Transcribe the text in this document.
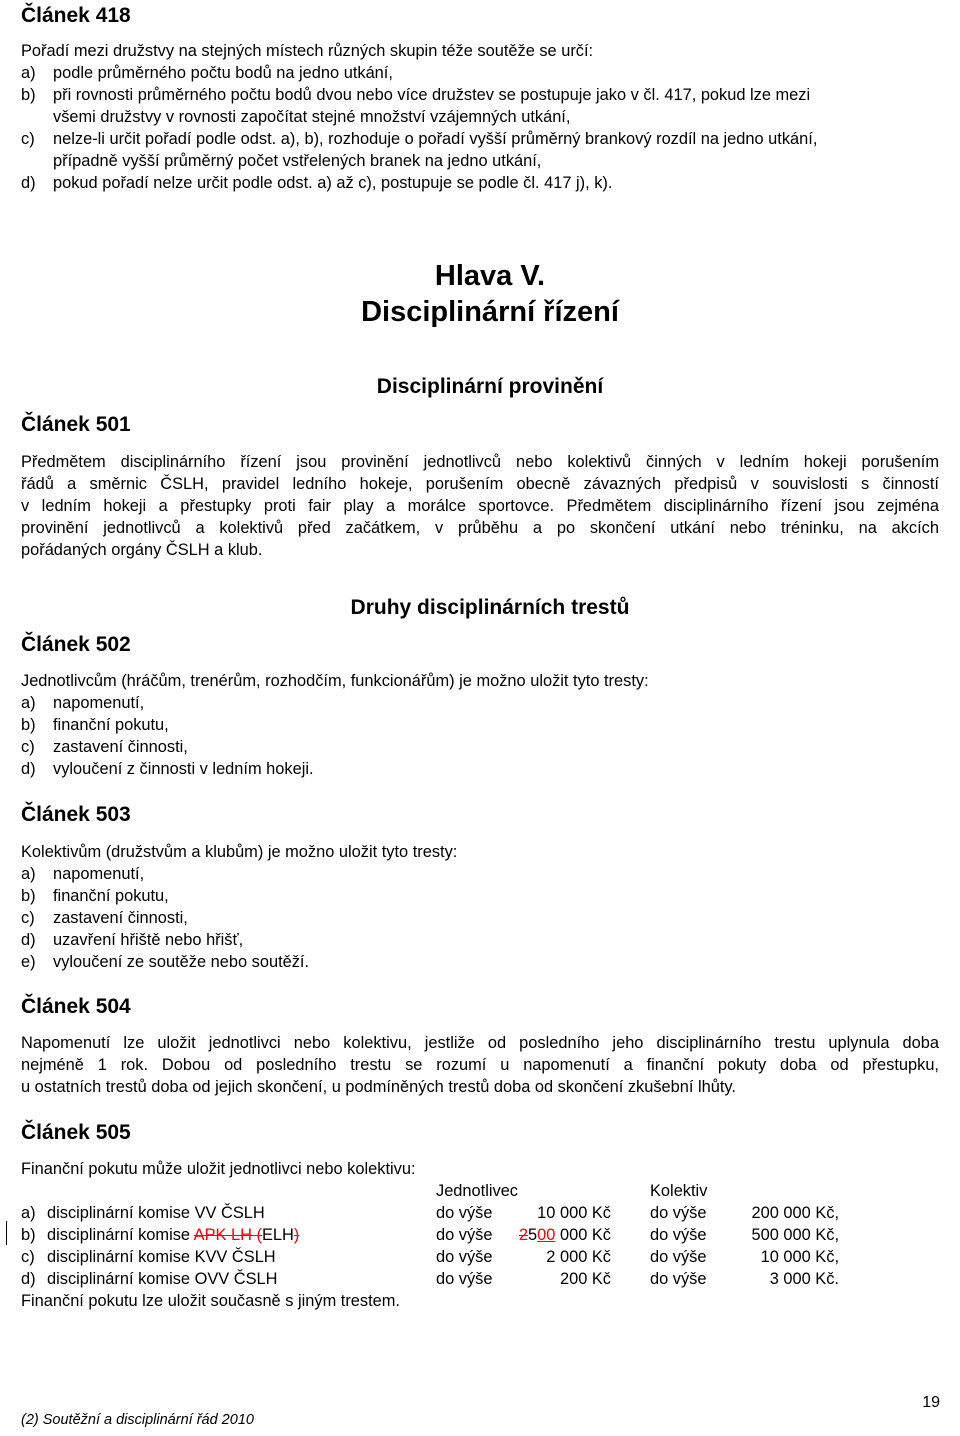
Článek 418
Pořadí mezi družstvy na stejných místech různých skupin téže soutěže se určí:
a) podle průměrného počtu bodů na jedno utkání,
b) při rovnosti průměrného počtu bodů dvou nebo více družstev se postupuje jako v čl. 417, pokud lze mezi
všemi družstvy v rovnosti započítat stejné množství vzájemných utkání,
c) nelze-li určit pořadí podle odst. a), b), rozhoduje o pořadí vyšší průměrný brankový rozdíl na jedno utkání,
případně vyšší průměrný počet vstřelených branek na jedno utkání,
d) pokud pořadí nelze určit podle odst. a) až c), postupuje se podle čl. 417 j), k).
Hlava V.
Disciplinární řízení
Disciplinární provinění
Článek 501
Předmětem disciplinárního řízení jsou provinění jednotlivců nebo kolektivů činných v ledním hokeji porušením
řádů a směrnic ČSLH, pravidel ledního hokeje, porušením obecně závazných předpisů v souvislosti s činností
v ledním hokeji a přestupky proti fair play a morálce sportovce. Předmětem disciplinárního řízení jsou zejména
provinění jednotlivců a kolektivů před začátkem, v průběhu a po skončení utkání nebo tréninku, na akcích
pořádaných orgány ČSLH a klub.
Druhy disciplinárních trestů
Článek 502
Jednotlivcům (hráčům, trenérům, rozhodčím, funkcionářům) je možno uložit tyto tresty:
a) napomenutí,
b) finanční pokutu,
c) zastavení činnosti,
d) vyloučení z činnosti v ledním hokeji.
Článek 503
Kolektivům (družstvům a klubům) je možno uložit tyto tresty:
a) napomenutí,
b) finanční pokutu,
c) zastavení činnosti,
d) uzavření hřiště nebo hřišť,
e) vyloučení ze soutěže nebo soutěží.
Článek 504
Napomenutí lze uložit jednotlivci nebo kolektivu, jestliže od posledního jeho disciplinárního trestu uplynula doba
nejméně 1 rok. Dobou od posledního trestu se rozumí u napomenutí a finanční pokuty doba od přestupku,
u ostatních trestů doba od jejich skončení, u podmíněných trestů doba od skončení zkušební lhůty.
Článek 505
Finanční pokutu může uložit jednotlivci nebo kolektivu:
Jednotlivec	Kolektiv
a) disciplinární komise VV ČSLH	do výše	10 000 Kč do výše	200 000 Kč,
b) disciplinární komise APK LH (ELH)	do výše	2500 000 Kč do výše	500 000 Kč,
c) disciplinární komise KVV ČSLH	do výše	2 000 Kč do výše	10 000 Kč,
d) disciplinární komise OVV ČSLH	do výše	200 Kč do výše	3 000 Kč.
Finanční pokutu lze uložit současně s jiným trestem.
(2) Soutěžní a disciplinární řád 2010
19
